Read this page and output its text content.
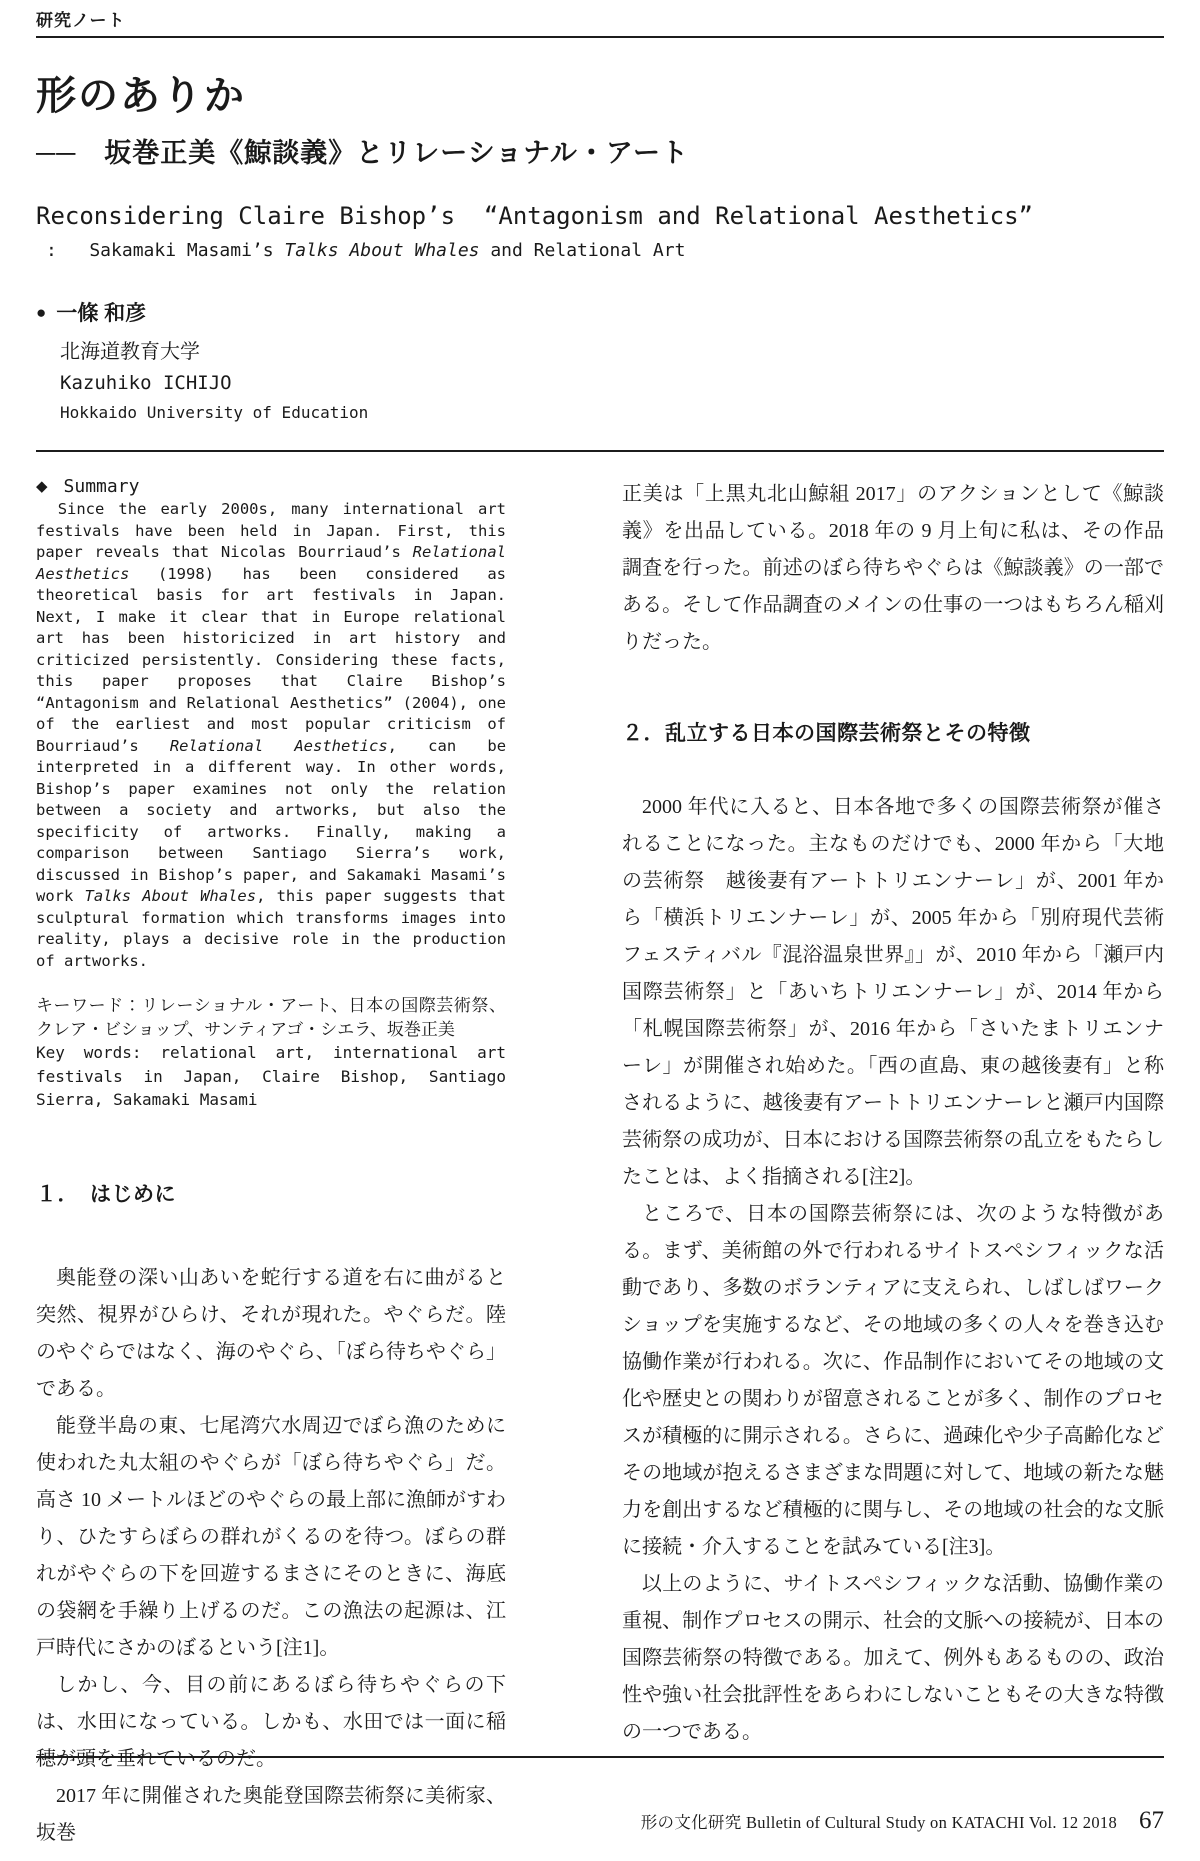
研究ノート
形のありか
──　坂巻正美《鯨談義》とリレーショナル・アート
Reconsidering Claire Bishop’s  “Antagonism and Relational Aesthetics”
:   Sakamaki Masami’s Talks About Whales and Relational Art
● 一條 和彦
北海道教育大学
Kazuhiko ICHIJO
Hokkaido University of Education
◆ Summary
Since the early 2000s, many international art festivals have been held in Japan. First, this paper reveals that Nicolas Bourriaud’s Relational Aesthetics (1998) has been considered as theoretical basis for art festivals in Japan. Next, I make it clear that in Europe relational art has been historicized in art history and criticized persistently. Considering these facts, this paper proposes that Claire Bishop’s “Antagonism and Relational Aesthetics” (2004), one of the earliest and most popular criticism of Bourriaud’s Relational Aesthetics, can be interpreted in a different way. In other words, Bishop’s paper examines not only the relation between a society and artworks, but also the specificity of artworks. Finally, making a comparison between Santiago Sierra’s work, discussed in Bishop’s paper, and Sakamaki Masami’s work Talks About Whales, this paper suggests that sculptural formation which transforms images into reality, plays a decisive role in the production of artworks.
キーワード：リレーショナル・アート、日本の国際芸術祭、クレア・ビショップ、サンティアゴ・シエラ、坂巻正美
Key words: relational art, international art festivals in Japan, Claire Bishop, Santiago Sierra, Sakamaki Masami
１．　はじめに

奥能登の深い山あいを蛇行する道を右に曲がると突然、視界がひらけ、それが現れた。やぐらだ。陸のやぐらではなく、海のやぐら、「ぼら待ちやぐら」である。

能登半島の東、七尾湾穴水周辺でぼら漁のために使われた丸太組のやぐらが「ぼら待ちやぐら」だ。高さ 10 メートルほどのやぐらの最上部に漁師がすわり、ひたすらぼらの群れがくるのを待つ。ぼらの群れがやぐらの下を回遊するまさにそのときに、海底の袋網を手繰り上げるのだ。この漁法の起源は、江戸時代にさかのぼるという[注1]。

しかし、今、目の前にあるぼら待ちやぐらの下は、水田になっている。しかも、水田では一面に稲穂が頭を垂れているのだ。

2017 年に開催された奥能登国際芸術祭に美術家、坂巻

正美は「上黒丸北山鯨組 2017」のアクションとして《鯨談義》を出品している。2018 年の 9 月上旬に私は、その作品調査を行った。前述のぼら待ちやぐらは《鯨談義》の一部である。そして作品調査のメインの仕事の一つはもちろん稲刈りだった。

２．乱立する日本の国際芸術祭とその特徴

2000 年代に入ると、日本各地で多くの国際芸術祭が催されることになった。主なものだけでも、2000 年から「大地の芸術祭　越後妻有アートトリエンナーレ」が、2001 年から「横浜トリエンナーレ」が、2005 年から「別府現代芸術フェスティバル『混浴温泉世界』」が、2010 年から「瀬戸内国際芸術祭」と「あいちトリエンナーレ」が、2014 年から「札幌国際芸術祭」が、2016 年から「さいたまトリエンナーレ」が開催され始めた。「西の直島、東の越後妻有」と称されるように、越後妻有アートトリエンナーレと瀬戸内国際芸術祭の成功が、日本における国際芸術祭の乱立をもたらしたことは、よく指摘される[注2]。

ところで、日本の国際芸術祭には、次のような特徴がある。まず、美術館の外で行われるサイトスペシフィックな活動であり、多数のボランティアに支えられ、しばしばワークショップを実施するなど、その地域の多くの人々を巻き込む協働作業が行われる。次に、作品制作においてその地域の文化や歴史との関わりが留意されることが多く、制作のプロセスが積極的に開示される。さらに、過疎化や少子高齢化などその地域が抱えるさまざまな問題に対して、地域の新たな魅力を創出するなど積極的に関与し、その地域の社会的な文脈に接続・介入することを試みている[注3]。

以上のように、サイトスペシフィックな活動、協働作業の重視、制作プロセスの開示、社会的文脈への接続が、日本の国際芸術祭の特徴である。加えて、例外もあるものの、政治性や強い社会批評性をあらわにしないこともその大きな特徴の一つである。

形の文化研究 Bulletin of Cultural Study on KATACHI Vol. 12 2018 67
